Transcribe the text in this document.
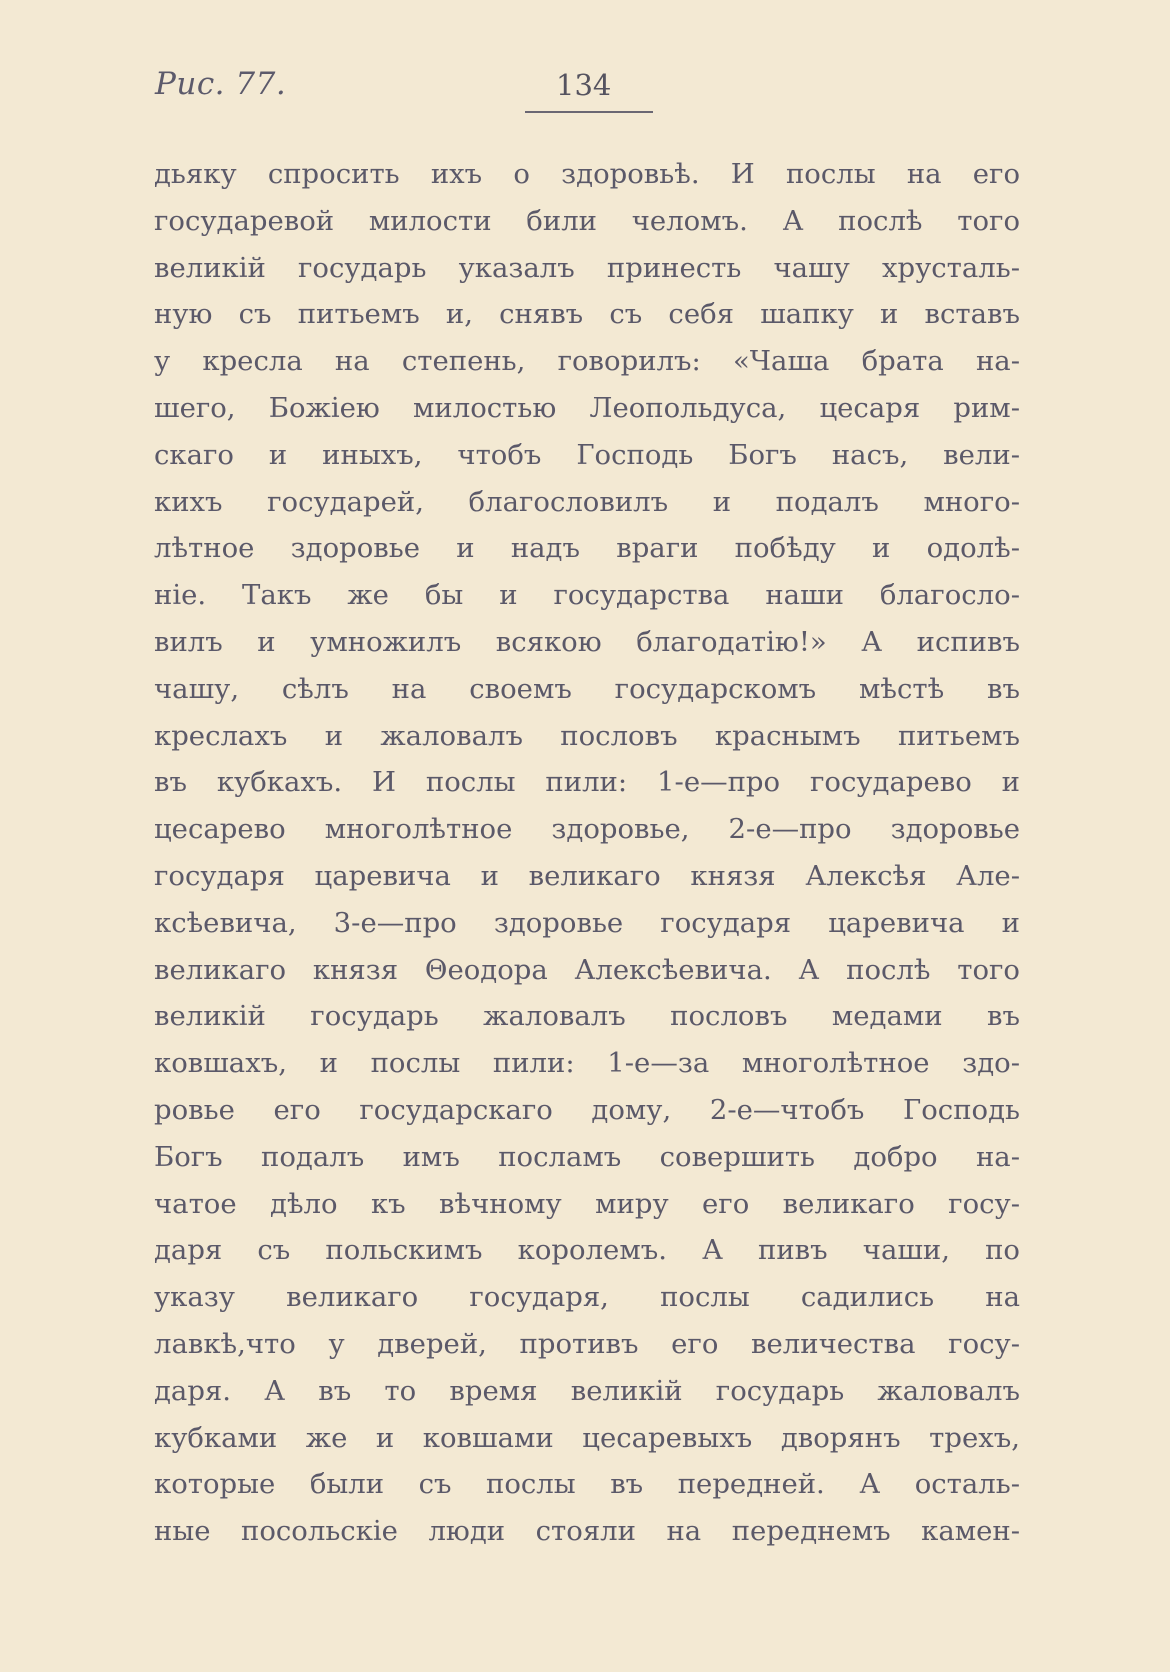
Рис. 77.	134
дьяку спросить ихъ о здоровьѣ. И послы на его
государевой милости били челомъ. А послѣ того
великій государь указалъ принесть чашу хрусталь-
ную съ питьемъ и, снявъ съ себя шапку и вставъ
у кресла на степень, говорилъ: «Чаша брата на-
шего, Божіею милостью Леопольдуса, цесаря рим-
скаго и иныхъ, чтобъ Господь Богъ насъ, вели-
кихъ государей, благословилъ и подалъ много-
лѣтное здоровье и надъ враги побѣду и одолѣ-
ніе. Такъ же бы и государства наши благосло-
вилъ и умножилъ всякою благодатію!» А испивъ
чашу, сѣлъ на своемъ государскомъ мѣстѣ въ
креслахъ и жаловалъ пословъ краснымъ питьемъ
въ кубкахъ. И послы пили: 1-е—про государево и
цесарево многолѣтное здоровье, 2-е—про здоровье
государя царевича и великаго князя Алексѣя Але-
ксѣевича, 3-е—про здоровье государя царевича и
великаго князя Θеодора Алексѣевича. А послѣ того
великій государь жаловалъ пословъ медами въ
ковшахъ, и послы пили: 1-е—за многолѣтное здо-
ровье его государскаго дому, 2-е—чтобъ Господь
Богъ подалъ имъ посламъ совершить добро на-
чатое дѣло къ вѣчному миру его великаго госу-
даря съ польскимъ королемъ. А пивъ чаши, по
указу великаго государя, послы садились на
лавкѣ,что у дверей, противъ его величества госу-
даря. А въ то время великій государь жаловалъ
кубками же и ковшами цесаревыхъ дворянъ трехъ,
которые были съ послы въ передней. А осталь-
ные посольскіе люди стояли на переднемъ камен-
